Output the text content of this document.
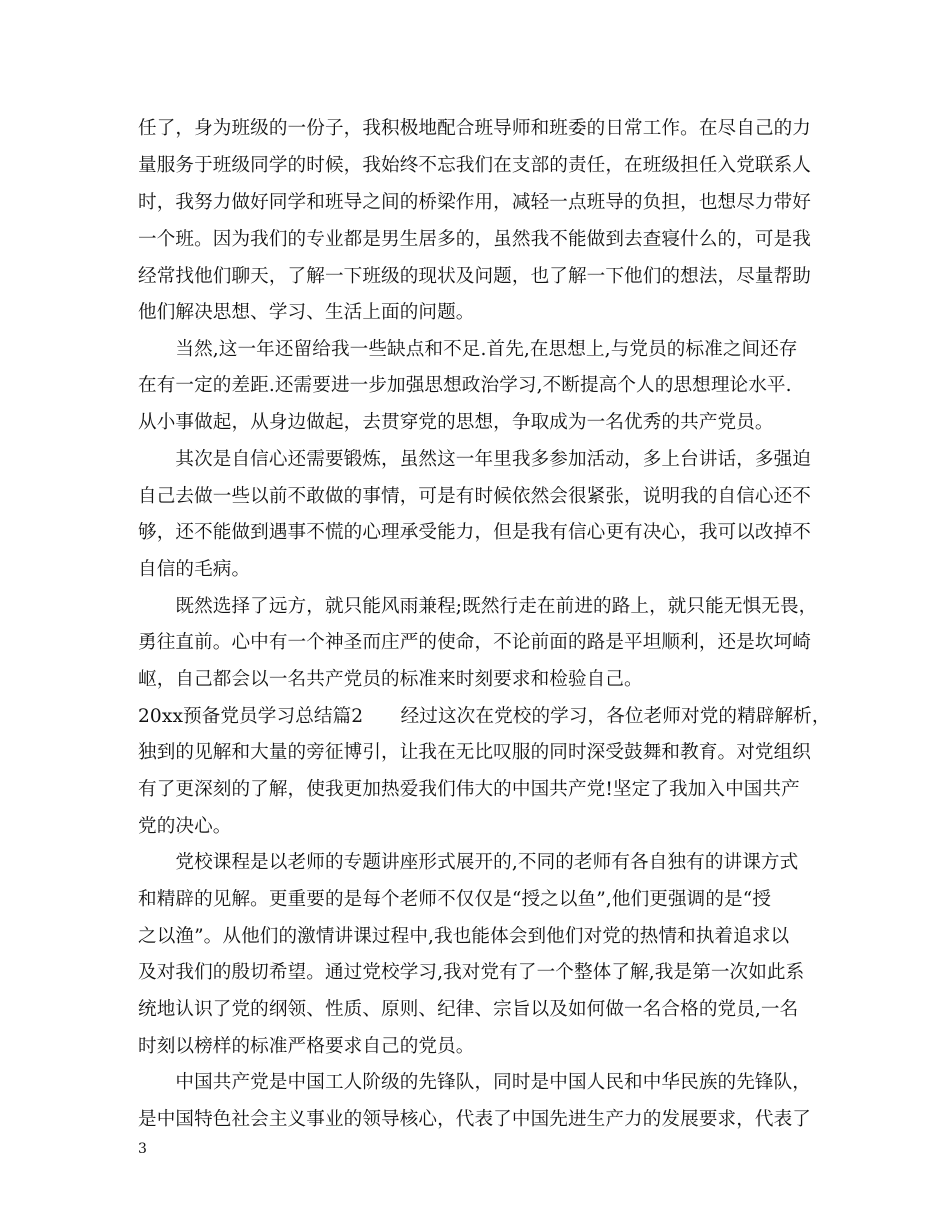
任了，身为班级的一份子，我积极地配合班导师和班委的日常工作。在尽自己的力
量服务于班级同学的时候，我始终不忘我们在支部的责任，在班级担任入党联系人
时，我努力做好同学和班导之间的桥梁作用，减轻一点班导的负担，也想尽力带好
一个班。因为我们的专业都是男生居多的，虽然我不能做到去查寝什么的，可是我
经常找他们聊天，了解一下班级的现状及问题，也了解一下他们的想法，尽量帮助
他们解决思想、学习、生活上面的问题。
　　当然,这一年还留给我一些缺点和不足.首先,在思想上,与党员的标准之间还存
在有一定的差距.还需要进一步加强思想政治学习,不断提高个人的思想理论水平.
从小事做起，从身边做起，去贯穿党的思想，争取成为一名优秀的共产党员。
　　其次是自信心还需要锻炼，虽然这一年里我多参加活动，多上台讲话，多强迫
自己去做一些以前不敢做的事情，可是有时候依然会很紧张，说明我的自信心还不
够，还不能做到遇事不慌的心理承受能力，但是我有信心更有决心，我可以改掉不
自信的毛病。
　　既然选择了远方，就只能风雨兼程;既然行走在前进的路上，就只能无惧无畏，
勇往直前。心中有一个神圣而庄严的使命，不论前面的路是平坦顺利，还是坎坷崎
岖，自己都会以一名共产党员的标准来时刻要求和检验自己。
20xx预备党员学习总结篇2　　经过这次在党校的学习，各位老师对党的精辟解析，
独到的见解和大量的旁征博引，让我在无比叹服的同时深受鼓舞和教育。对党组织
有了更深刻的了解，使我更加热爱我们伟大的中国共产党!坚定了我加入中国共产
党的决心。
　　党校课程是以老师的专题讲座形式展开的,不同的老师有各自独有的讲课方式
和精辟的见解。更重要的是每个老师不仅仅是“授之以鱼”,他们更强调的是“授
之以渔”。从他们的激情讲课过程中,我也能体会到他们对党的热情和执着追求以
及对我们的殷切希望。通过党校学习,我对党有了一个整体了解,我是第一次如此系
统地认识了党的纲领、性质、原则、纪律、宗旨以及如何做一名合格的党员,一名
时刻以榜样的标准严格要求自己的党员。
　　中国共产党是中国工人阶级的先锋队，同时是中国人民和中华民族的先锋队，
是中国特色社会主义事业的领导核心，代表了中国先进生产力的发展要求，代表了
3
